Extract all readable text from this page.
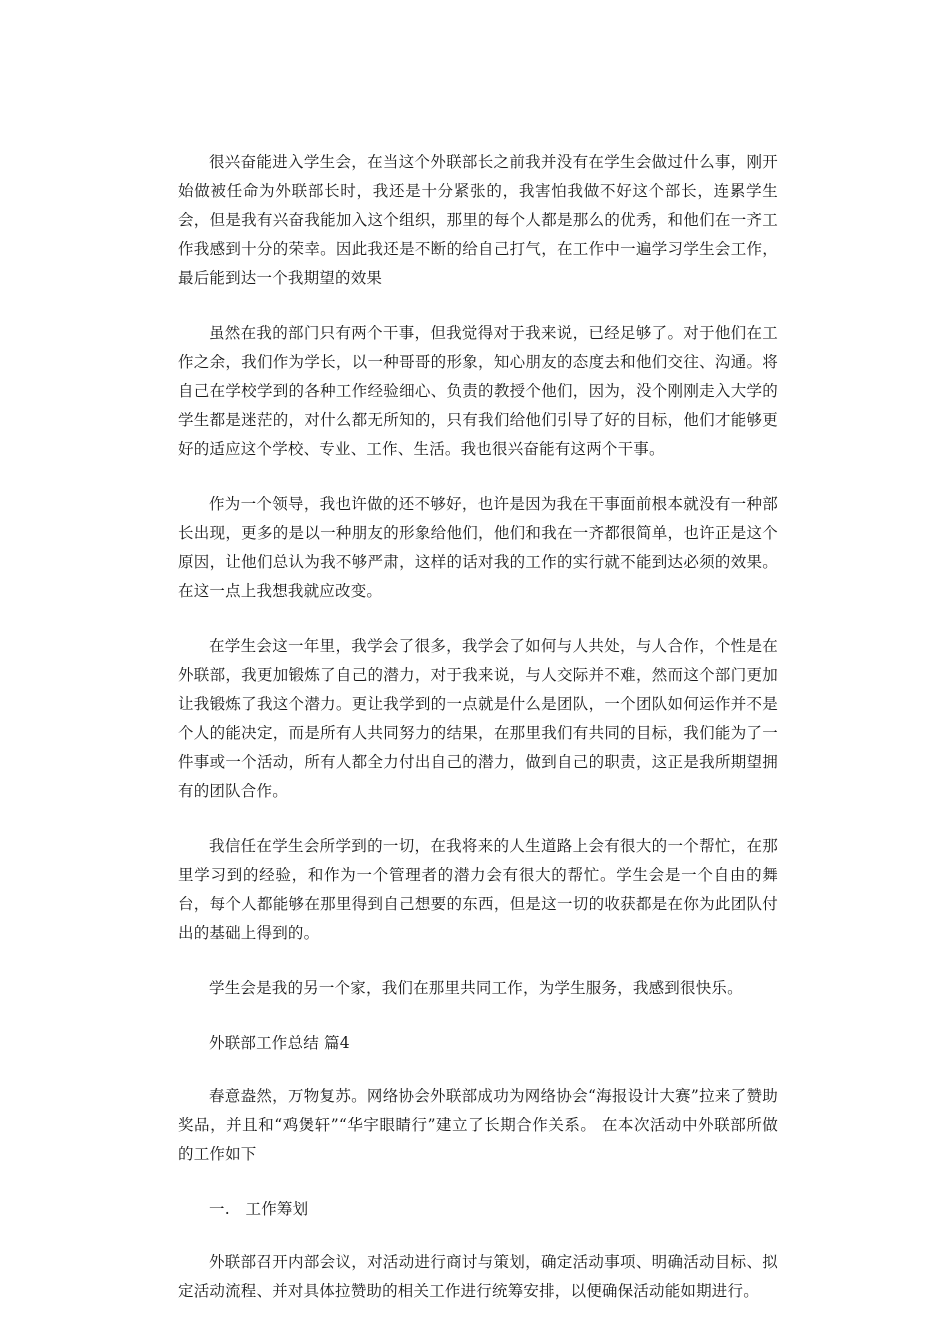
很兴奋能进入学生会，在当这个外联部长之前我并没有在学生会做过什么事，刚开始做被任命为外联部长时，我还是十分紧张的，我害怕我做不好这个部长，连累学生会，但是我有兴奋我能加入这个组织，那里的每个人都是那么的优秀，和他们在一齐工作我感到十分的荣幸。因此我还是不断的给自己打气，在工作中一遍学习学生会工作，最后能到达一个我期望的效果

虽然在我的部门只有两个干事，但我觉得对于我来说，已经足够了。对于他们在工作之余，我们作为学长，以一种哥哥的形象，知心朋友的态度去和他们交往、沟通。将自己在学校学到的各种工作经验细心、负责的教授个他们，因为，没个刚刚走入大学的学生都是迷茫的，对什么都无所知的，只有我们给他们引导了好的目标，他们才能够更好的适应这个学校、专业、工作、生活。我也很兴奋能有这两个干事。

作为一个领导，我也许做的还不够好，也许是因为我在干事面前根本就没有一种部长出现，更多的是以一种朋友的形象给他们，他们和我在一齐都很简单，也许正是这个原因，让他们总认为我不够严肃，这样的话对我的工作的实行就不能到达必须的效果。在这一点上我想我就应改变。

在学生会这一年里，我学会了很多，我学会了如何与人共处，与人合作，个性是在外联部，我更加锻炼了自己的潜力，对于我来说，与人交际并不难，然而这个部门更加让我锻炼了我这个潜力。更让我学到的一点就是什么是团队，一个团队如何运作并不是个人的能决定，而是所有人共同努力的结果，在那里我们有共同的目标，我们能为了一件事或一个活动，所有人都全力付出自己的潜力，做到自己的职责，这正是我所期望拥有的团队合作。

我信任在学生会所学到的一切，在我将来的人生道路上会有很大的一个帮忙，在那里学习到的经验，和作为一个管理者的潜力会有很大的帮忙。学生会是一个自由的舞台，每个人都能够在那里得到自己想要的东西，但是这一切的收获都是在你为此团队付出的基础上得到的。

学生会是我的另一个家，我们在那里共同工作，为学生服务，我感到很快乐。

外联部工作总结 篇4

春意盎然，万物复苏。网络协会外联部成功为网络协会“海报设计大赛”拉来了赞助奖品，并且和“鸡煲轩”“华宇眼睛行”建立了长期合作关系。 在本次活动中外联部所做的工作如下

一.　工作筹划

外联部召开内部会议，对活动进行商讨与策划，确定活动事项、明确活动目标、拟定活动流程、并对具体拉赞助的相关工作进行统筹安排，以便确保活动能如期进行。
